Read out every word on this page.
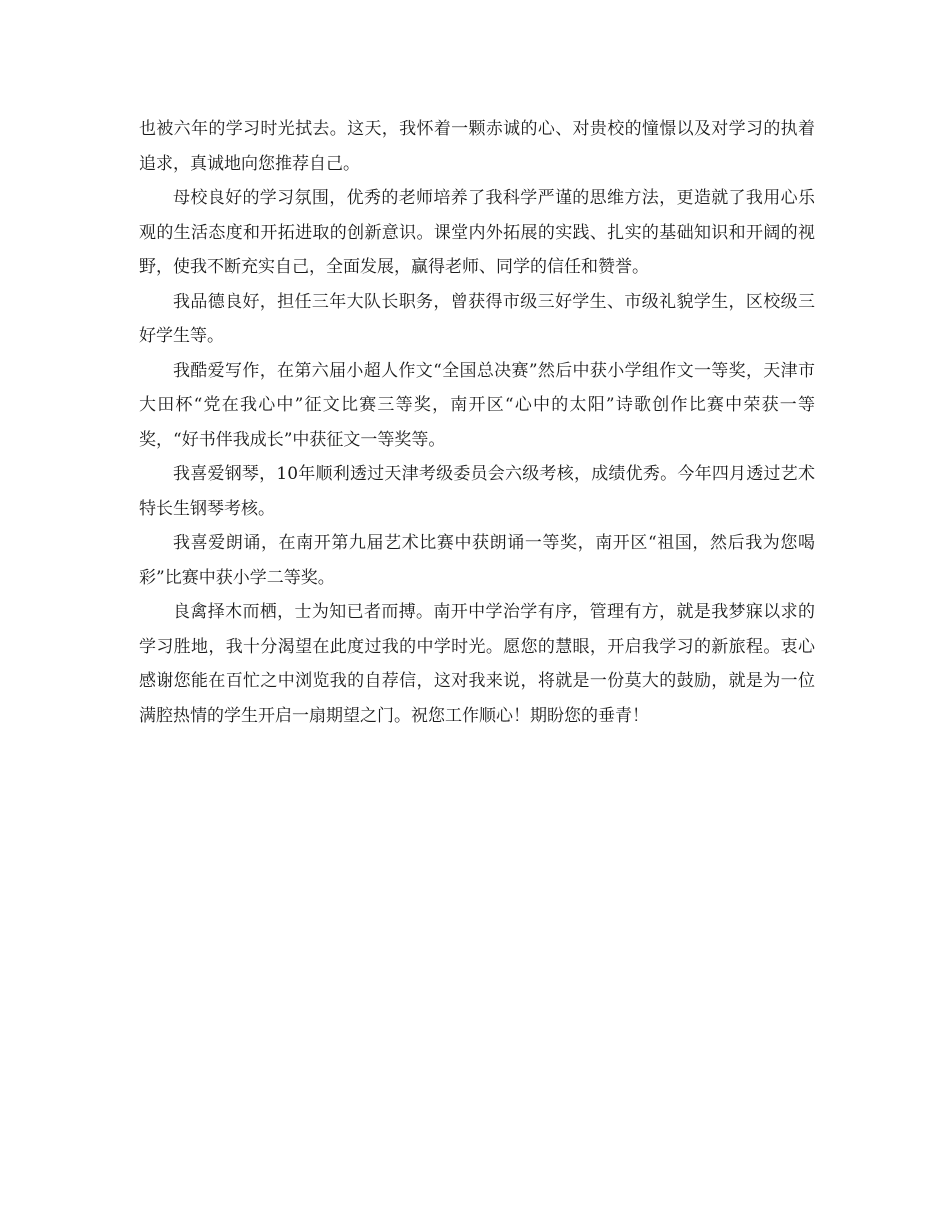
也被六年的学习时光拭去。这天，我怀着一颗赤诚的心、对贵校的憧憬以及对学习的执着追求，真诚地向您推荐自己。

母校良好的学习氛围，优秀的老师培养了我科学严谨的思维方法，更造就了我用心乐观的生活态度和开拓进取的创新意识。课堂内外拓展的实践、扎实的基础知识和开阔的视野，使我不断充实自己，全面发展，赢得老师、同学的信任和赞誉。

我品德良好，担任三年大队长职务，曾获得市级三好学生、市级礼貌学生，区校级三好学生等。

我酷爱写作，在第六届小超人作文“全国总决赛”然后中获小学组作文一等奖，天津市大田杯“党在我心中”征文比赛三等奖，南开区“心中的太阳”诗歌创作比赛中荣获一等奖，“好书伴我成长”中获征文一等奖等。

我喜爱钢琴，10年顺利透过天津考级委员会六级考核，成绩优秀。今年四月透过艺术特长生钢琴考核。

我喜爱朗诵，在南开第九届艺术比赛中获朗诵一等奖，南开区“祖国，然后我为您喝彩”比赛中获小学二等奖。

良禽择木而栖，士为知已者而搏。南开中学治学有序，管理有方，就是我梦寐以求的学习胜地，我十分渴望在此度过我的中学时光。愿您的慧眼，开启我学习的新旅程。衷心感谢您能在百忙之中浏览我的自荐信，这对我来说，将就是一份莫大的鼓励，就是为一位满腔热情的学生开启一扇期望之门。祝您工作顺心！期盼您的垂青！
